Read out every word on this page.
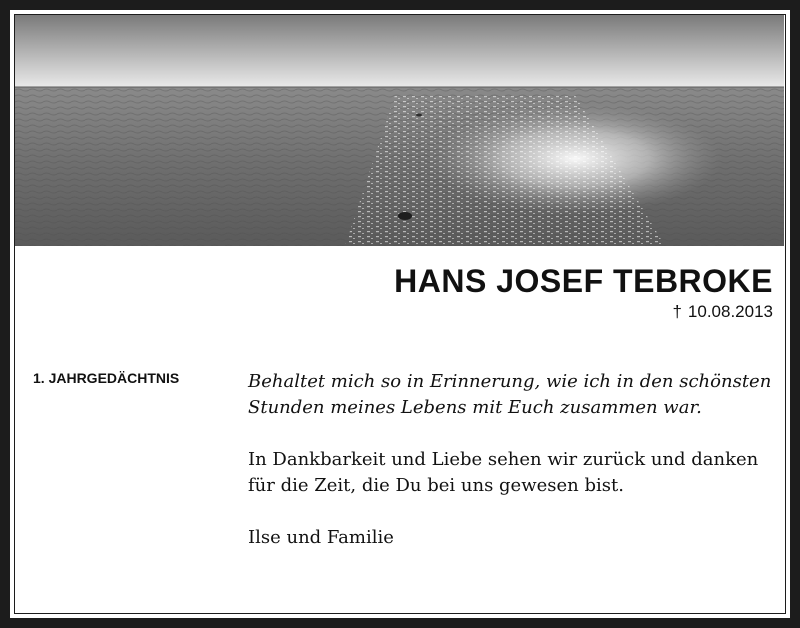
HANS JOSEF TEBROKE
† 10.08.2013
1. JAHRGEDÄCHTNIS	Behaltet mich so in Erinnerung, wie ich in den schönsten
Stunden meines Lebens mit Euch zusammen war.

In Dankbarkeit und Liebe sehen wir zurück und danken
für die Zeit, die Du bei uns gewesen bist.

Ilse und Familie
